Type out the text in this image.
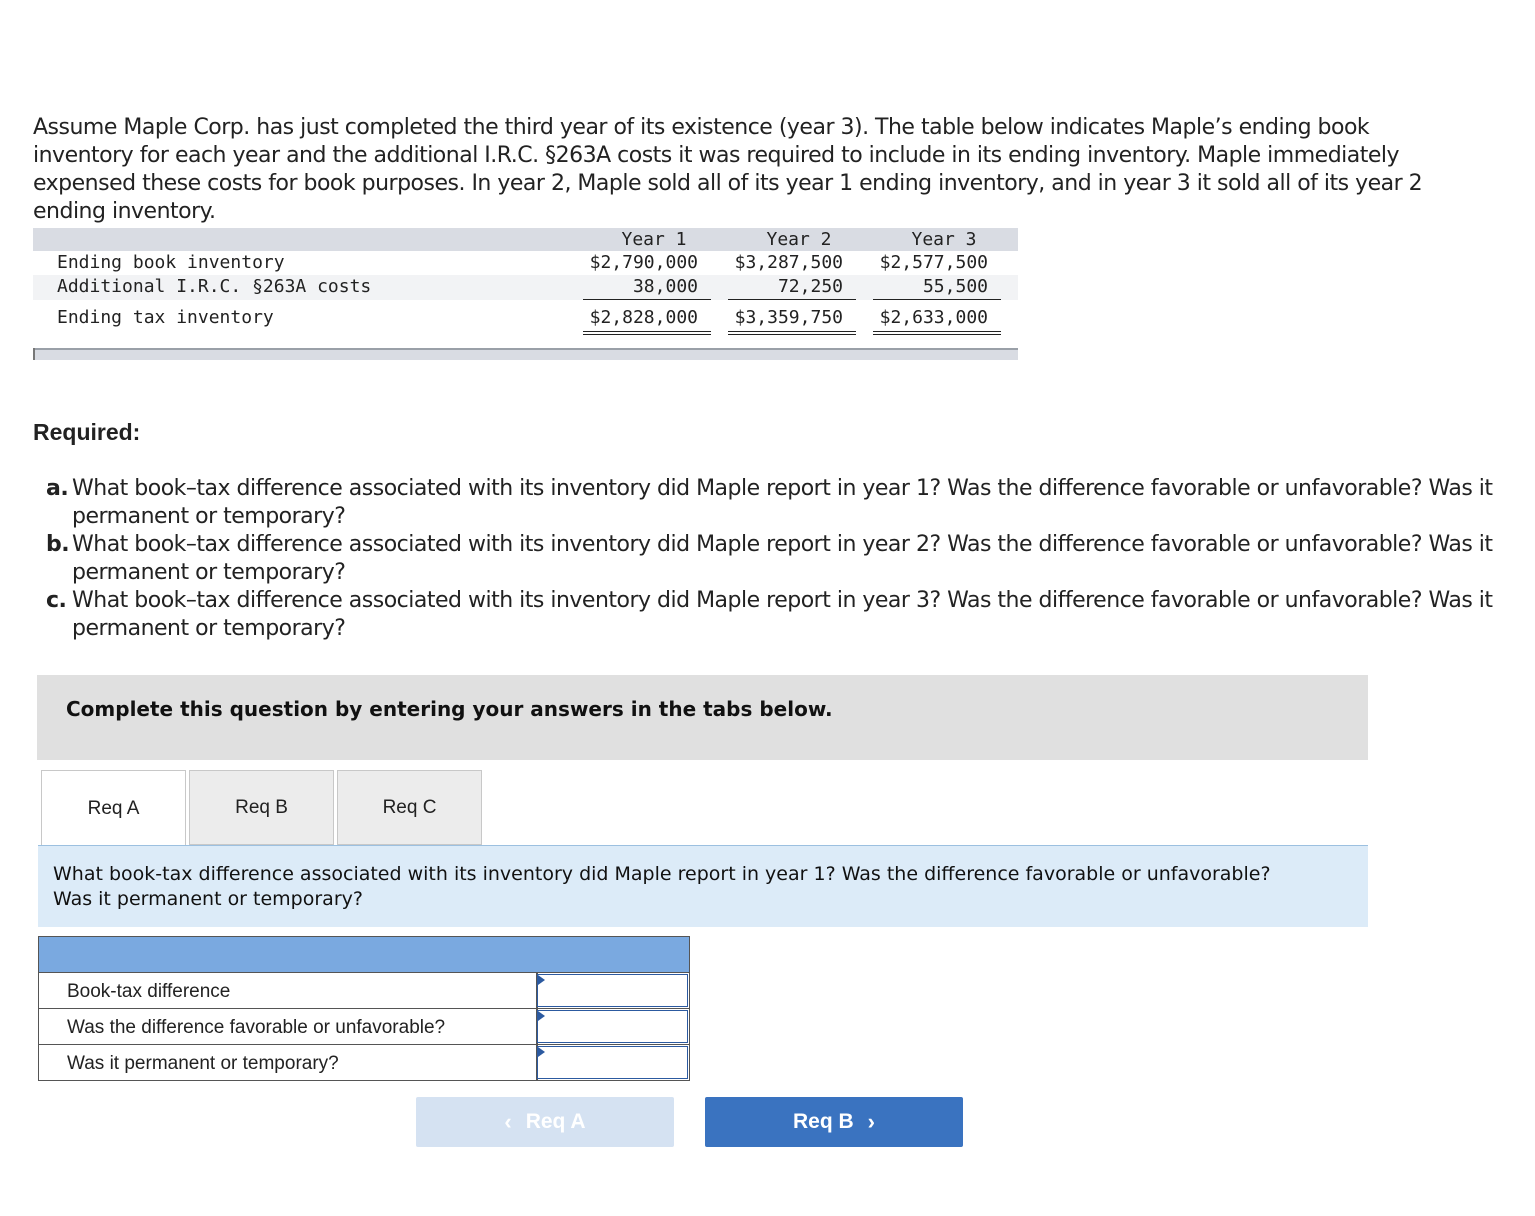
Assume Maple Corp. has just completed the third year of its existence (year 3). The table below indicates Maple’s ending book inventory for each year and the additional I.R.C. §263A costs it was required to include in its ending inventory. Maple immediately expensed these costs for book purposes. In year 2, Maple sold all of its year 1 ending inventory, and in year 3 it sold all of its year 2 ending inventory.

Year 1	Year 2	Year 3
Ending book inventory	$2,790,000	$3,287,500	$2,577,500
Additional I.R.C. §263A costs	38,000	72,250	55,500
Ending tax inventory	$2,828,000	$3,359,750	$2,633,000
Required:
a. What book–tax difference associated with its inventory did Maple report in year 1? Was the difference favorable or unfavorable? Was it permanent or temporary?
b. What book–tax difference associated with its inventory did Maple report in year 2? Was the difference favorable or unfavorable? Was it permanent or temporary?
c. What book–tax difference associated with its inventory did Maple report in year 3? Was the difference favorable or unfavorable? Was it permanent or temporary?
Complete this question by entering your answers in the tabs below.
Req A	Req B	Req C

What book-tax difference associated with its inventory did Maple report in year 1? Was the difference favorable or unfavorable? Was it permanent or temporary?

Book-tax difference
Was the difference favorable or unfavorable?
Was it permanent or temporary?
‹ Req A	Req B ›
